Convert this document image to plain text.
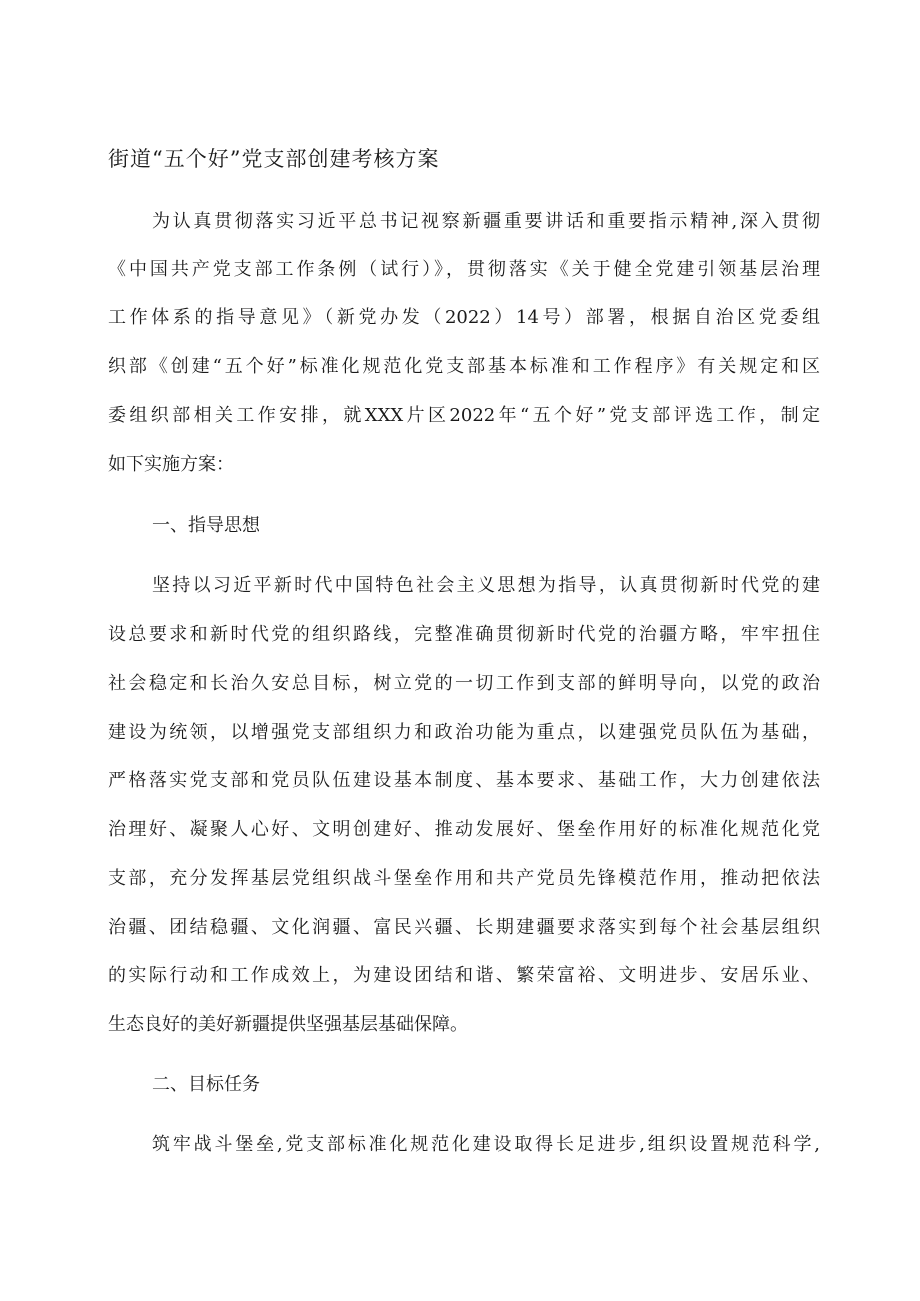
街道“五个好”党支部创建考核方案
为认真贯彻落实习近平总书记视察新疆重要讲话和重要指示精神,深入贯彻
《中国共产党支部工作条例（试行）》，贯彻落实《关于健全党建引领基层治理
工作体系的指导意见》（新党办发（2022）14号）部署，根据自治区党委组
织部《创建“五个好”标准化规范化党支部基本标准和工作程序》有关规定和区
委组织部相关工作安排，就XXX片区2022年“五个好”党支部评选工作，制定
如下实施方案：
一、指导思想
坚持以习近平新时代中国特色社会主义思想为指导，认真贯彻新时代党的建
设总要求和新时代党的组织路线，完整准确贯彻新时代党的治疆方略，牢牢扭住
社会稳定和长治久安总目标，树立党的一切工作到支部的鲜明导向，以党的政治
建设为统领，以增强党支部组织力和政治功能为重点，以建强党员队伍为基础，
严格落实党支部和党员队伍建设基本制度、基本要求、基础工作，大力创建依法
治理好、凝聚人心好、文明创建好、推动发展好、堡垒作用好的标准化规范化党
支部，充分发挥基层党组织战斗堡垒作用和共产党员先锋模范作用，推动把依法
治疆、团结稳疆、文化润疆、富民兴疆、长期建疆要求落实到每个社会基层组织
的实际行动和工作成效上，为建设团结和谐、繁荣富裕、文明进步、安居乐业、
生态良好的美好新疆提供坚强基层基础保障。
二、目标任务
筑牢战斗堡垒,党支部标准化规范化建设取得长足进步,组织设置规范科学,
